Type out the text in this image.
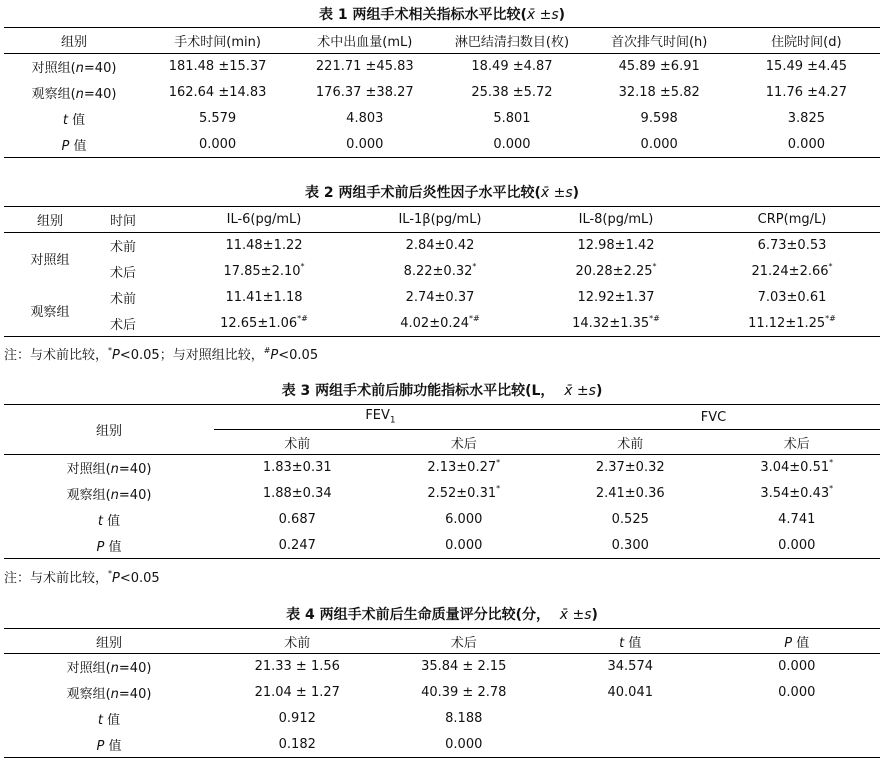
表 1 两组手术相关指标水平比较(x̄ ±s)
组别	手术时间(min)	术中出血量(mL)	淋巴结清扫数目(枚)	首次排气时间(h)	住院时间(d)
对照组(n=40)	181.48 ±15.37	221.71 ±45.83	18.49 ±4.87	45.89 ±6.91	15.49 ±4.45
观察组(n=40)	162.64 ±14.83	176.37 ±38.27	25.38 ±5.72	32.18 ±5.82	11.76 ±4.27
t 值	5.579	4.803	5.801	9.598	3.825
P 值	0.000	0.000	0.000	0.000	0.000
表 2 两组手术前后炎性因子水平比较(x̄ ±s)
组别	时间	IL-6(pg/mL)	IL-1β(pg/mL)	IL-8(pg/mL)	CRP(mg/L)
对照组	术前	11.48±1.22	2.84±0.42	12.98±1.42	6.73±0.53
	术后	17.85±2.10*	8.22±0.32*	20.28±2.25*	21.24±2.66*
观察组	术前	11.41±1.18	2.74±0.37	12.92±1.37	7.03±0.61
	术后	12.65±1.06*#	4.02±0.24*#	14.32±1.35*#	11.12±1.25*#
注：与术前比较，*P<0.05；与对照组比较，#P<0.05
表 3 两组手术前后肺功能指标水平比较(L， x̄ ±s)
组别	$FEV_1$		FVC	
	术前	术后	术前	术后
对照组(n=40)	1.83±0.31	2.13±0.27*	2.37±0.32	3.04±0.51*
观察组(n=40)	1.88±0.34	2.52±0.31*	2.41±0.36	3.54±0.43*
t 值	0.687	6.000	0.525	4.741
P 值	0.247	0.000	0.300	0.000
注：与术前比较，*P<0.05
表 4 两组手术前后生命质量评分比较(分， x̄ ±s)
组别	术前	术后	t 值	P 值
对照组(n=40)	21.33 ± 1.56	35.84 ± 2.15	34.574	0.000
观察组(n=40)	21.04 ± 1.27	40.39 ± 2.78	40.041	0.000
t 值	0.912	8.188		
P 值	0.182	0.000		
